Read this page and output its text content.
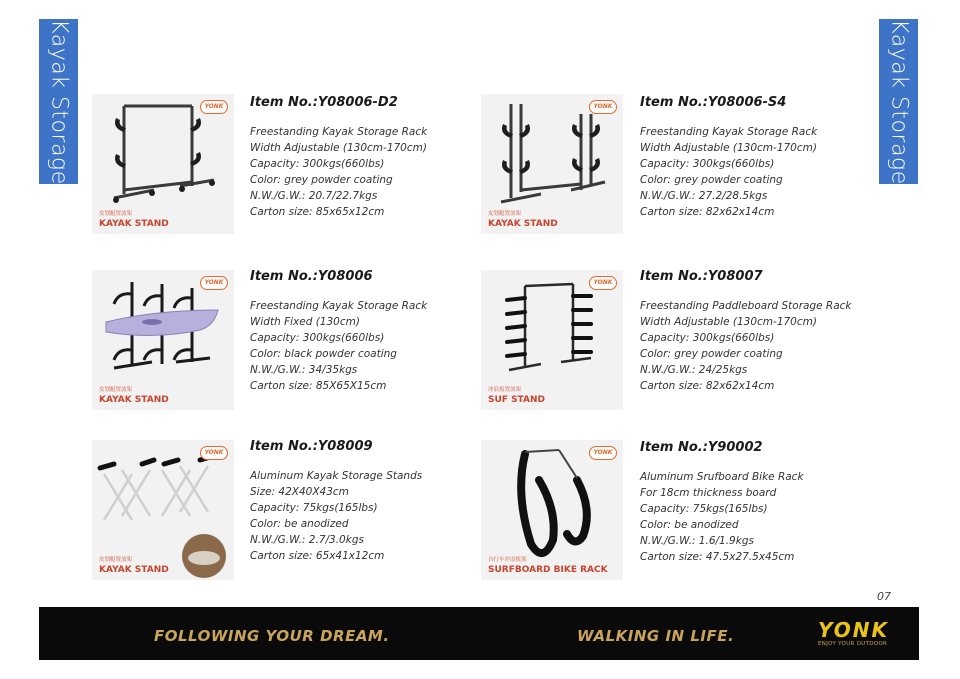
Kayak Storage	Kayak Storage
YONK
皮划艇置放架
KAYAK STAND
Item No.:Y08006-D2
Freestanding Kayak Storage Rack
Width Adjustable (130cm-170cm)
Capacity: 300kgs(660lbs)
Color: grey powder coating
N.W./G.W.: 20.7/22.7kgs
Carton size: 85x65x12cm
YONK
皮划艇置放架
KAYAK STAND
Item No.:Y08006-S4
Freestanding Kayak Storage Rack
Width Adjustable (130cm-170cm)
Capacity: 300kgs(660lbs)
Color: grey powder coating
N.W./G.W.: 27.2/28.5kgs
Carton size: 82x62x14cm
YONK
皮划艇置放架
KAYAK STAND
Item No.:Y08006
Freestanding Kayak Storage Rack
Width Fixed (130cm)
Capacity: 300kgs(660lbs)
Color: black powder coating
N.W./G.W.: 34/35kgs
Carton size: 85X65X15cm
YONK
冲浪板置放架
SUF STAND
Item No.:Y08007
Freestanding Paddleboard Storage Rack
Width Adjustable (130cm-170cm)
Capacity: 300kgs(660lbs)
Color: grey powder coating
N.W./G.W.: 24/25kgs
Carton size: 82x62x14cm
YONK
皮划艇置放架
KAYAK STAND
Item No.:Y08009
Aluminum Kayak Storage Stands
Size: 42X40X43cm
Capacity: 75kgs(165lbs)
Color: be anodized
N.W./G.W.: 2.7/3.0kgs
Carton size: 65x41x12cm
YONK
自行车冲浪板架
SURFBOARD BIKE RACK
Item No.:Y90002
Aluminum Srufboard Bike Rack
For 18cm thickness board
Capacity: 75kgs(165lbs)
Color: be anodized
N.W./G.W.: 1.6/1.9kgs
Carton size: 47.5x27.5x45cm
07
FOLLOWING YOUR DREAM.	WALKING IN LIFE.	YONK
ENJOY YOUR OUTDOOR
